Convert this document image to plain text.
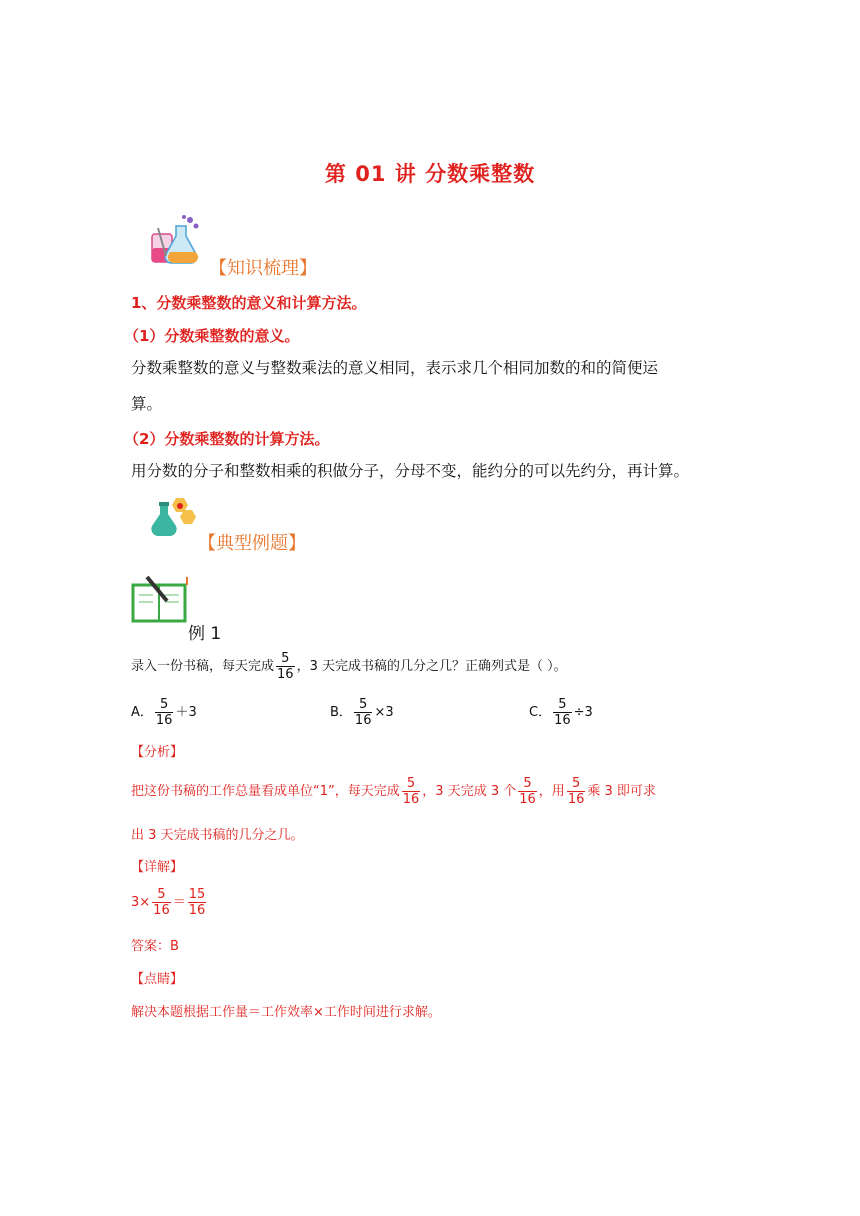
第 01 讲 分数乘整数
【知识梳理】
1、分数乘整数的意义和计算方法。
（1）分数乘整数的意义。
分数乘整数的意义与整数乘法的意义相同，表示求几个相同加数的和的简便运
算。
（2）分数乘整数的计算方法。
用分数的分子和整数相乘的积做分子，分母不变，能约分的可以先约分，再计算。
【典型例题】
例 1
录入一份书稿，每天完成 $\frac{5}{16}$ ，3 天完成书稿的几分之几？正确列式是（ ）。
A． $\frac{5}{16} +3$	B． $\frac{5}{16} \times 3$	C． $\frac{5}{16} \div 3$
【分析】
把这份书稿的工作总量看成单位“1”，每天完成 $\frac{5}{16}$ ，3 天完成 3 个 $\frac{5}{16}$ ，用 $\frac{5}{16}$ 乘 3 即可求
出 3 天完成书稿的几分之几。
【详解】
$3\times \frac{5}{16} = \frac{15}{16}$
答案：B
【点睛】
解决本题根据工作量＝工作效率×工作时间进行求解。
